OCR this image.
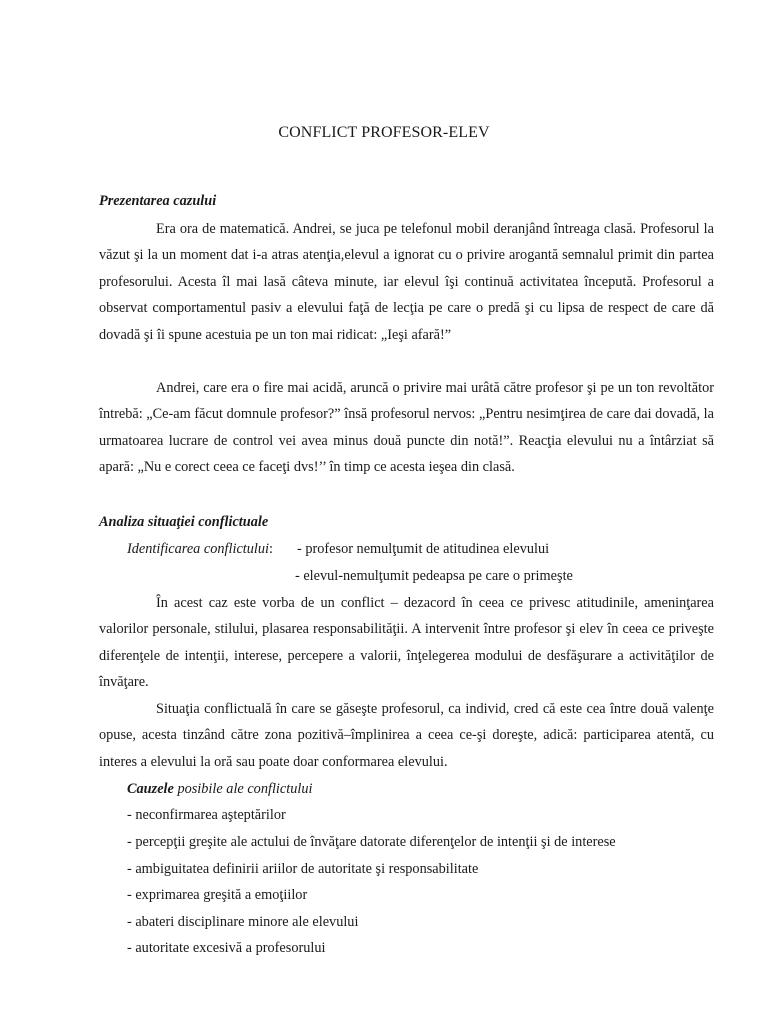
CONFLICT PROFESOR-ELEV
Prezentarea cazului
Era ora de matematică. Andrei, se juca pe telefonul mobil deranjând întreaga clasă. Profesorul la văzut şi la un moment dat i-a atras atenţia,elevul a ignorat cu o privire arogantă semnalul primit din partea profesorului. Acesta îl mai lasă câteva minute, iar elevul îşi continuă activitatea începută. Profesorul a observat comportamentul pasiv a elevului faţă de lecţia pe care o predă şi cu lipsa de respect de care dă dovadă şi îi spune acestuia pe un ton mai ridicat: „Ieşi afară!”
Andrei, care era o fire mai acidă, aruncă o privire mai urâtă către profesor şi pe un ton revoltător întrebă: „Ce-am făcut domnule profesor?” însă profesorul nervos: „Pentru nesimţirea de care dai dovadă, la urmatoarea lucrare de control vei avea minus două puncte din notă!”. Reacţia elevului nu a întârziat să apară: „Nu e corect ceea ce faceţi dvs!’’ în timp ce acesta ieşea din clasă.
Analiza situaţiei conflictuale
Identificarea conflictului: - profesor nemulţumit de atitudinea elevului
- elevul-nemulţumit pedeapsa pe care o primeşte
În acest caz este vorba de un conflict – dezacord în ceea ce privesc atitudinile, ameninţarea valorilor personale, stilului, plasarea responsabilităţii. A intervenit între profesor şi elev în ceea ce priveşte diferenţele de intenţii, interese, percepere a valorii, înţelegerea modului de desfăşurare a activităţilor de învăţare.
Situaţia conflictuală în care se găseşte profesorul, ca individ, cred că este cea între două valenţe opuse, acesta tinzând către zona pozitivă–împlinirea a ceea ce-şi doreşte, adică: participarea atentă, cu interes a elevului la oră sau poate doar conformarea elevului.
Cauzele posibile ale conflictului
- neconfirmarea aşteptărilor
- percepţii greşite ale actului de învăţare datorate diferenţelor de intenţii şi de interese
- ambiguitatea definirii ariilor de autoritate şi responsabilitate
- exprimarea greşită a emoţiilor
- abateri disciplinare minore ale elevului
- autoritate excesivă a profesorului
